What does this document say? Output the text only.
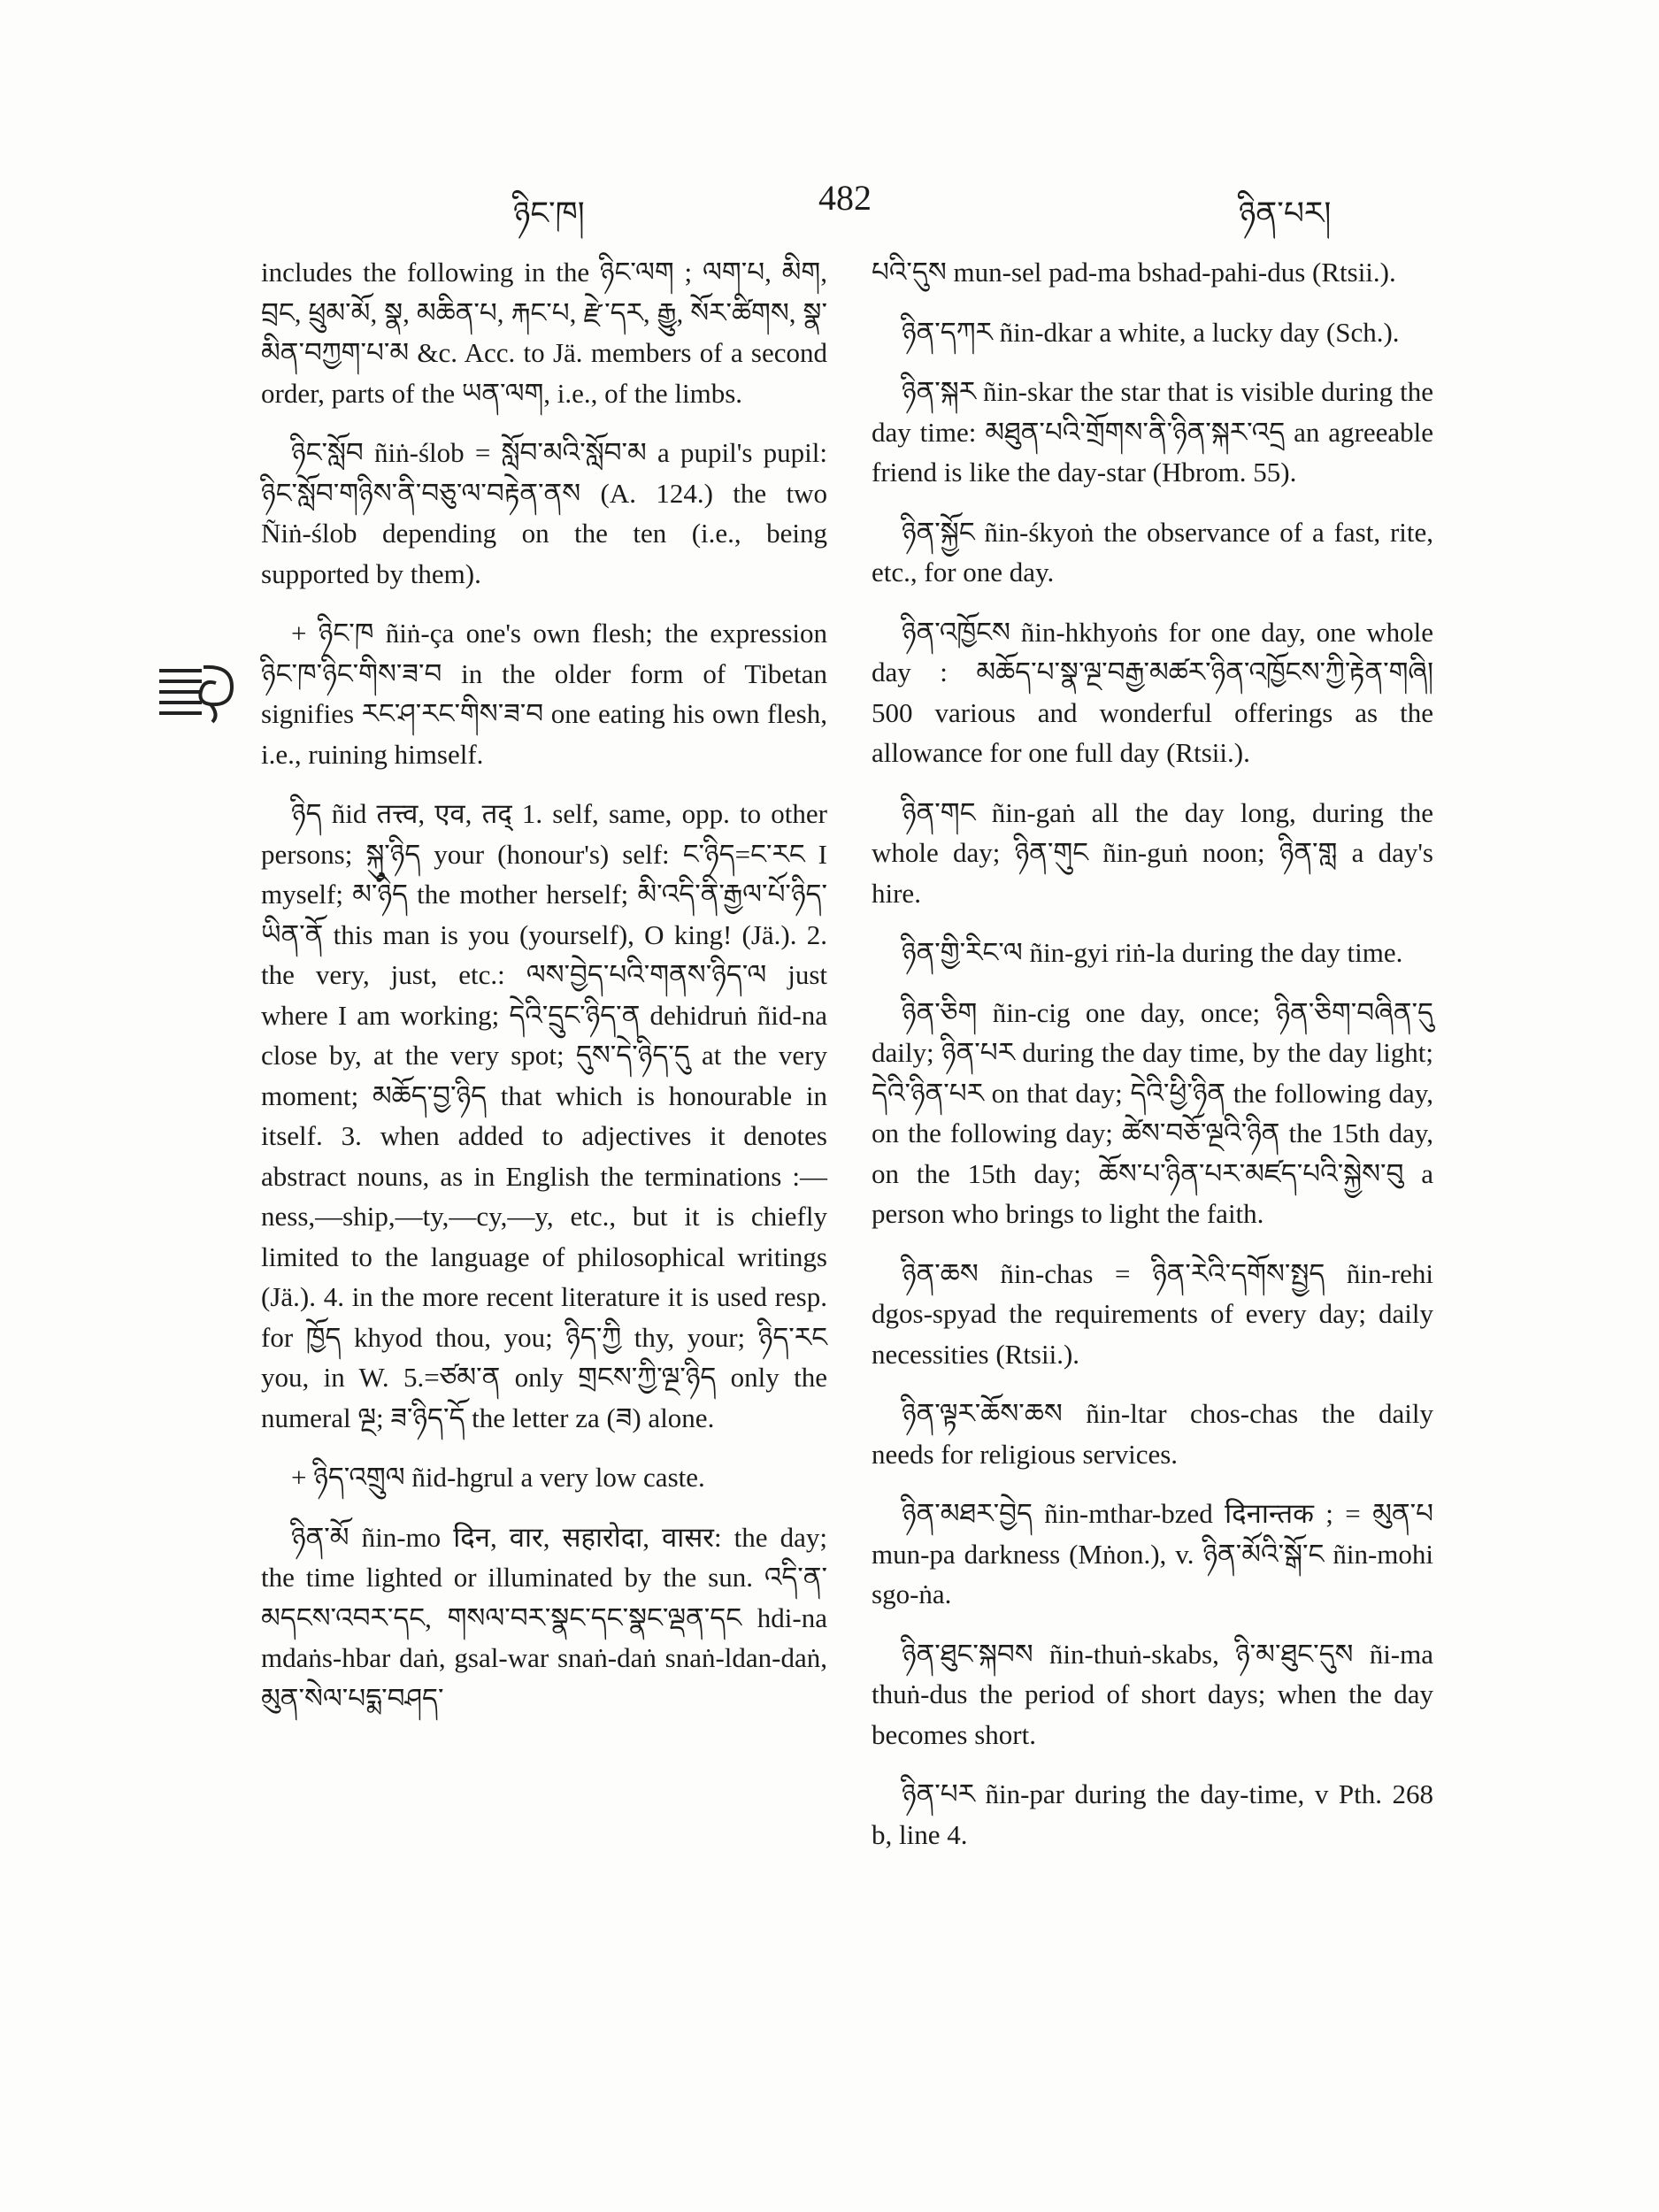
ཉིང་ཁ།	482	ཉིན་པར།

includes the following in the ཉིང་ལག ; ལག་པ, མིག, བྲང, ཕྲུམ་མོ, སྣ, མཆིན་པ, རྐང་པ, རྫེ་དར, རྒྱུ, སོར་ཚིགས, སྣ་མིན་བཀྱག་པ་མ &c. Acc. to Jä. members of a second order, parts of the ཡན་ལག, i.e., of the limbs.

ཉིང་སློབ ñiṅ-ślob = སློབ་མའི་སློབ་མ a pupil's pupil: ཉིང་སློབ་གཉིས་ནི་བཅུ་ལ་བརྟེན་ནས (A. 124.) the two Ñiṅ-ślob depending on the ten (i.e., being supported by them).

+ ཉིང་ཁ ñiṅ-ça one's own flesh; the expression ཉིང་ཁ་ཉིང་གིས་ཟ་བ in the older form of Tibetan signifies རང་ཤ་རང་གིས་ཟ་བ one eating his own flesh, i.e., ruining himself.

ཉིད ñid तत्त्व, एव, तद्‌ 1. self, same, opp. to other persons; སྐུ་ཉིད your (honour's) self: ང་ཉིད=ང་རང I myself; མ་ཉིད the mother herself; མི་འདི་ནི་རྒྱལ་པོ་ཉིད་ཡིན་ནོ this man is you (yourself), O king! (Jä.). 2. the very, just, etc.: ལས་བྱེད་པའི་གནས་ཉིད་ལ just where I am working; དེའི་དྲུང་ཉིད་ན dehidruṅ ñid-na close by, at the very spot; དུས་དེ་ཉིད་དུ at the very moment; མཆོད་བྱ་ཉིད that which is honourable in itself. 3. when added to adjectives it denotes abstract nouns, as in English the terminations :—ness,—ship,—ty,—cy,—y, etc., but it is chiefly limited to the language of philosophical writings (Jä.). 4. in the more recent literature it is used resp. for ཁྱོད khyod thou, you; ཉིད་ཀྱི thy, your; ཉིད་རང you, in W. 5.=ཙམ་ན only གྲངས་ཀྱི་ལྔ་ཉིད only the numeral ལྔ; ཟ་ཉིད་དོ the letter za (ཟ) alone.

+ ཉིད་འགྲུལ ñid-hgrul a very low caste.

ཉིན་མོ ñin-mo दिन, वार, सहारोदा, वासर: the day; the time lighted or illuminated by the sun. འདི་ན་མདངས་འབར་དང, གསལ་བར་སྣང་དང་སྣང་ལྡན་དང hdi-na mdaṅs-hbar daṅ, gsal-war snaṅ-daṅ snaṅ-ldan-daṅ, མུན་སེལ་པདྨ་བཤད་

པའི་དུས mun-sel pad-ma bshad-pahi-dus (Rtsii.).

ཉིན་དཀར ñin-dkar a white, a lucky day (Sch.).

ཉིན་སྐར ñin-skar the star that is visible during the day time: མཐུན་པའི་གྲོགས་ནི་ཉིན་སྐར་འདྲ an agreeable friend is like the day-star (Hbrom. 55).

ཉིན་སྐྱོང ñin-śkyoṅ the observance of a fast, rite, etc., for one day.

ཉིན་འཁྱོངས ñin-hkhyoṅs for one day, one whole day : མཆོད་པ་སྣ་ལྔ་བརྒྱ་མཚར་ཉིན་འཁྱོངས་ཀྱི་རྟེན་གཞི། 500 various and wonderful offerings as the allowance for one full day (Rtsii.).

ཉིན་གང ñin-gaṅ all the day long, during the whole day; ཉིན་གུང ñin-guṅ noon; ཉིན་གླ a day's hire.

ཉིན་གྱི་རིང་ལ ñin-gyi riṅ-la during the day time.

ཉིན་ཅིག ñin-cig one day, once; ཉིན་ཅིག་བཞིན་དུ daily; ཉིན་པར during the day time, by the day light; དེའི་ཉིན་པར on that day; དེའི་ཕྱི་ཉིན the following day, on the following day; ཚེས་བཅོ་ལྔའི་ཉིན the 15th day, on the 15th day; ཆོས་པ་ཉིན་པར་མཛད་པའི་སྐྱེས་བུ a person who brings to light the faith.

ཉིན་ཆས ñin-chas = ཉིན་རེའི་དགོས་སྤྱད ñin-rehi dgos-spyad the requirements of every day; daily necessities (Rtsii.).

ཉིན་ལྟར་ཆོས་ཆས ñin-ltar chos-chas the daily needs for religious services.

ཉིན་མཐར་བྱེད ñin-mthar-bzed दिनान्तक ; = མུན་པ mun-pa darkness (Mṅon.), v. ཉིན་མོའི་སྒོ་ང ñin-mohi sgo-ṅa.

ཉིན་ཐུང་སྐབས ñin-thuṅ-skabs, ཉི་མ་ཐུང་དུས ñi-ma thuṅ-dus the period of short days; when the day becomes short.

ཉིན་པར ñin-par during the day-time, v Pth. 268 b, line 4.
